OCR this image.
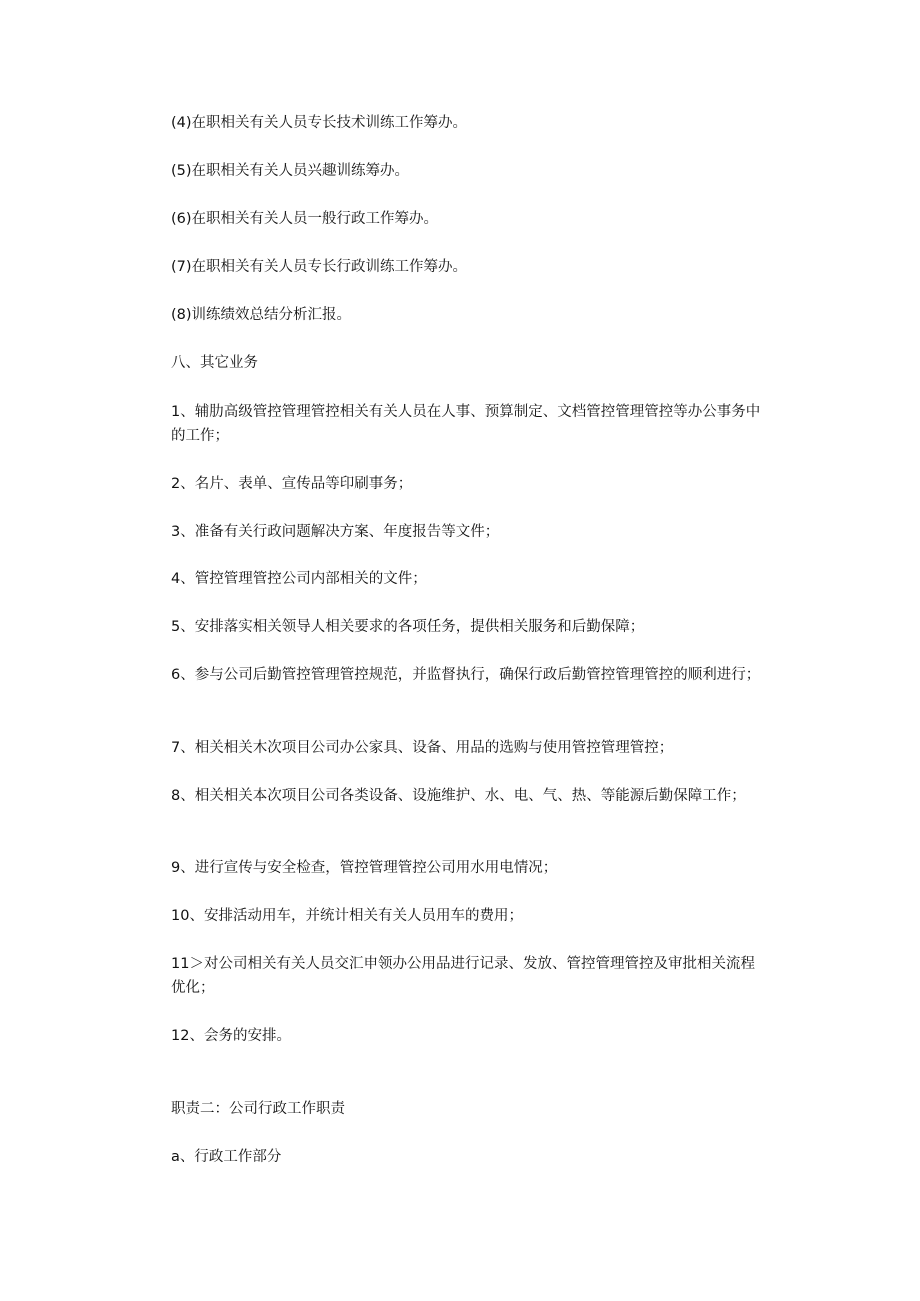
(4)在职相关有关人员专长技术训练工作筹办。

(5)在职相关有关人员兴趣训练筹办。

(6)在职相关有关人员一般行政工作筹办。

(7)在职相关有关人员专长行政训练工作筹办。

(8)训练绩效总结分析汇报。

八、其它业务

1、辅肋高级管控管理管控相关有关人员在人事、预算制定、文档管控管理管控等办公事务中的工作；

2、名片、表单、宣传品等印刷事务；

3、准备有关行政问题解决方案、年度报告等文件；

4、管控管理管控公司内部相关的文件；

5、安排落实相关领导人相关要求的各项任务，提供相关服务和后勤保障；

6、参与公司后勤管控管理管控规范，并监督执行，确保行政后勤管控管理管控的顺利进行；

7、相关相关木次项目公司办公家具、设备、用品的选购与使用管控管理管控；

8、相关相关本次项目公司各类设备、设施维护、水、电、气、热、等能源后勤保障工作；

9、进行宣传与安全检查，管控管理管控公司用水用电情况；

10、安排活动用车，并统计相关有关人员用车的费用；

11＞对公司相关有关人员交汇申领办公用品进行记录、发放、管控管理管控及审批相关流程优化；

12、会务的安排。

职责二：公司行政工作职责

a、行政工作部分
